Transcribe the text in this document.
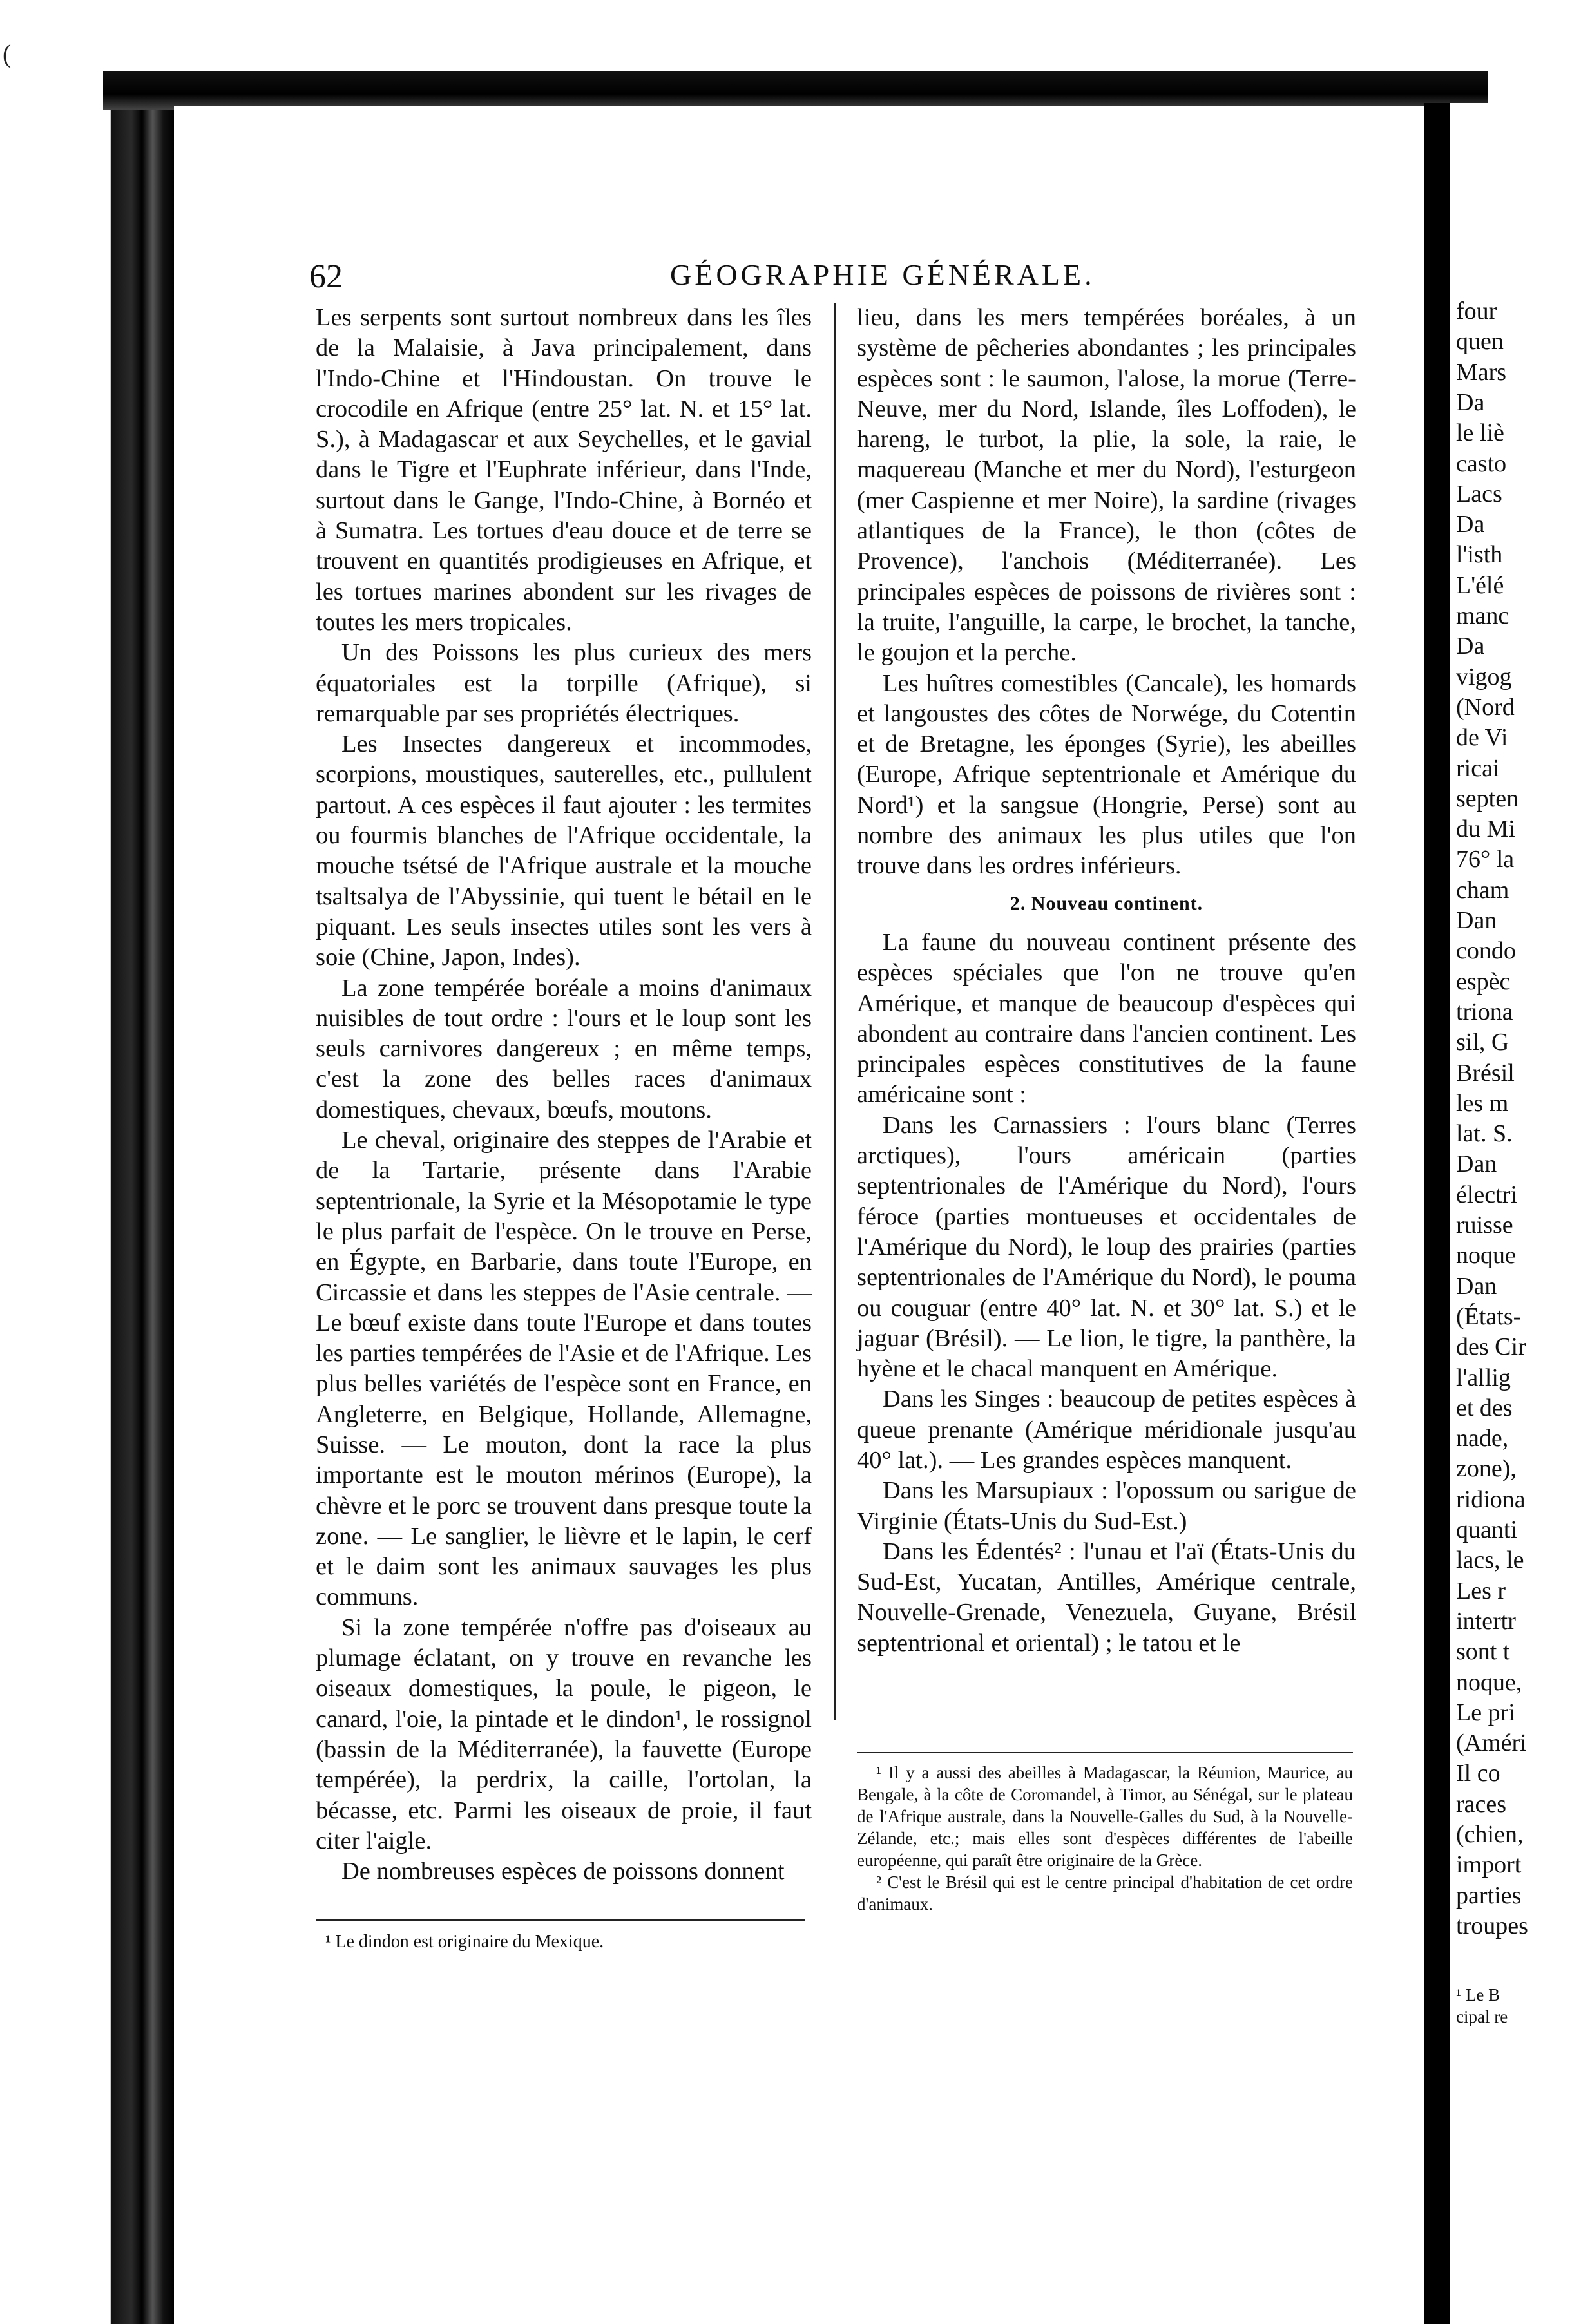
62	GÉOGRAPHIE GÉNÉRALE.

Les serpents sont surtout nombreux dans les îles de la Malaisie, à Java principalement, dans l'Indo-Chine et l'Hindoustan. On trouve le crocodile en Afrique (entre 25° lat. N. et 15° lat. S.), à Madagascar et aux Seychelles, et le gavial dans le Tigre et l'Euphrate inférieur, dans l'Inde, surtout dans le Gange, l'Indo-Chine, à Bornéo et à Sumatra. Les tortues d'eau douce et de terre se trouvent en quantités prodigieuses en Afrique, et les tortues marines abondent sur les rivages de toutes les mers tropicales.

Un des Poissons les plus curieux des mers équatoriales est la torpille (Afrique), si remarquable par ses propriétés électriques.

Les Insectes dangereux et incommodes, scorpions, moustiques, sauterelles, etc., pullulent partout. A ces espèces il faut ajouter : les termites ou fourmis blanches de l'Afrique occidentale, la mouche tsétsé de l'Afrique australe et la mouche tsaltsalya de l'Abyssinie, qui tuent le bétail en le piquant. Les seuls insectes utiles sont les vers à soie (Chine, Japon, Indes).

La zone tempérée boréale a moins d'animaux nuisibles de tout ordre : l'ours et le loup sont les seuls carnivores dangereux ; en même temps, c'est la zone des belles races d'animaux domestiques, chevaux, bœufs, moutons.

Le cheval, originaire des steppes de l'Arabie et de la Tartarie, présente dans l'Arabie septentrionale, la Syrie et la Mésopotamie le type le plus parfait de l'espèce. On le trouve en Perse, en Égypte, en Barbarie, dans toute l'Europe, en Circassie et dans les steppes de l'Asie centrale. — Le bœuf existe dans toute l'Europe et dans toutes les parties tempérées de l'Asie et de l'Afrique. Les plus belles variétés de l'espèce sont en France, en Angleterre, en Belgique, Hollande, Allemagne, Suisse. — Le mouton, dont la race la plus importante est le mouton mérinos (Europe), la chèvre et le porc se trouvent dans presque toute la zone. — Le sanglier, le lièvre et le lapin, le cerf et le daim sont les animaux sauvages les plus communs.

Si la zone tempérée n'offre pas d'oiseaux au plumage éclatant, on y trouve en revanche les oiseaux domestiques, la poule, le pigeon, le canard, l'oie, la pintade et le dindon¹, le rossignol (bassin de la Méditerranée), la fauvette (Europe tempérée), la perdrix, la caille, l'ortolan, la bécasse, etc. Parmi les oiseaux de proie, il faut citer l'aigle.

De nombreuses espèces de poissons donnent

¹ Le dindon est originaire du Mexique.

lieu, dans les mers tempérées boréales, à un système de pêcheries abondantes ; les principales espèces sont : le saumon, l'alose, la morue (Terre-Neuve, mer du Nord, Islande, îles Loffoden), le hareng, le turbot, la plie, la sole, la raie, le maquereau (Manche et mer du Nord), l'esturgeon (mer Caspienne et mer Noire), la sardine (rivages atlantiques de la France), le thon (côtes de Provence), l'anchois (Méditerranée). Les principales espèces de poissons de rivières sont : la truite, l'anguille, la carpe, le brochet, la tanche, le goujon et la perche.

Les huîtres comestibles (Cancale), les homards et langoustes des côtes de Norwége, du Cotentin et de Bretagne, les éponges (Syrie), les abeilles (Europe, Afrique septentrionale et Amérique du Nord¹) et la sangsue (Hongrie, Perse) sont au nombre des animaux les plus utiles que l'on trouve dans les ordres inférieurs.

2. Nouveau continent.

La faune du nouveau continent présente des espèces spéciales que l'on ne trouve qu'en Amérique, et manque de beaucoup d'espèces qui abondent au contraire dans l'ancien continent. Les principales espèces constitutives de la faune américaine sont :

Dans les Carnassiers : l'ours blanc (Terres arctiques), l'ours américain (parties septentrionales de l'Amérique du Nord), l'ours féroce (parties montueuses et occidentales de l'Amérique du Nord), le loup des prairies (parties septentrionales de l'Amérique du Nord), le pouma ou couguar (entre 40° lat. N. et 30° lat. S.) et le jaguar (Brésil). — Le lion, le tigre, la panthère, la hyène et le chacal manquent en Amérique.

Dans les Singes : beaucoup de petites espèces à queue prenante (Amérique méridionale jusqu'au 40° lat.). — Les grandes espèces manquent.

Dans les Marsupiaux : l'opossum ou sarigue de Virginie (États-Unis du Sud-Est.)

Dans les Édentés² : l'unau et l'aï (États-Unis du Sud-Est, Yucatan, Antilles, Amérique centrale, Nouvelle-Grenade, Venezuela, Guyane, Brésil septentrional et oriental) ; le tatou et le

¹ Il y a aussi des abeilles à Madagascar, la Réunion, Maurice, au Bengale, à la côte de Coromandel, à Timor, au Sénégal, sur le plateau de l'Afrique australe, dans la Nouvelle-Galles du Sud, à la Nouvelle-Zélande, etc.; mais elles sont d'espèces différentes de l'abeille européenne, qui paraît être originaire de la Grèce.

² C'est le Brésil qui est le centre principal d'habitation de cet ordre d'animaux.

four
quen
Mars
Da
le liè
casto
Lacs
Da
l'isth
L'élé
manc
Da
vigog
(Nord
de Vi
ricai
septen
du Mi
76° la
cham
Dan
condo
espèc
triona
sil, G
Brésil
les m
lat. S.
Dan
électri
ruisse
noque
Dan
(États-
des Cir
l'allig
et des
nade,
zone),
ridiona
quanti
lacs, le
Les r
intertr
sont t
noque,
Le pri
(Améri
Il co
races
(chien,
import
parties
troupes
¹ Le B
cipal re
(
